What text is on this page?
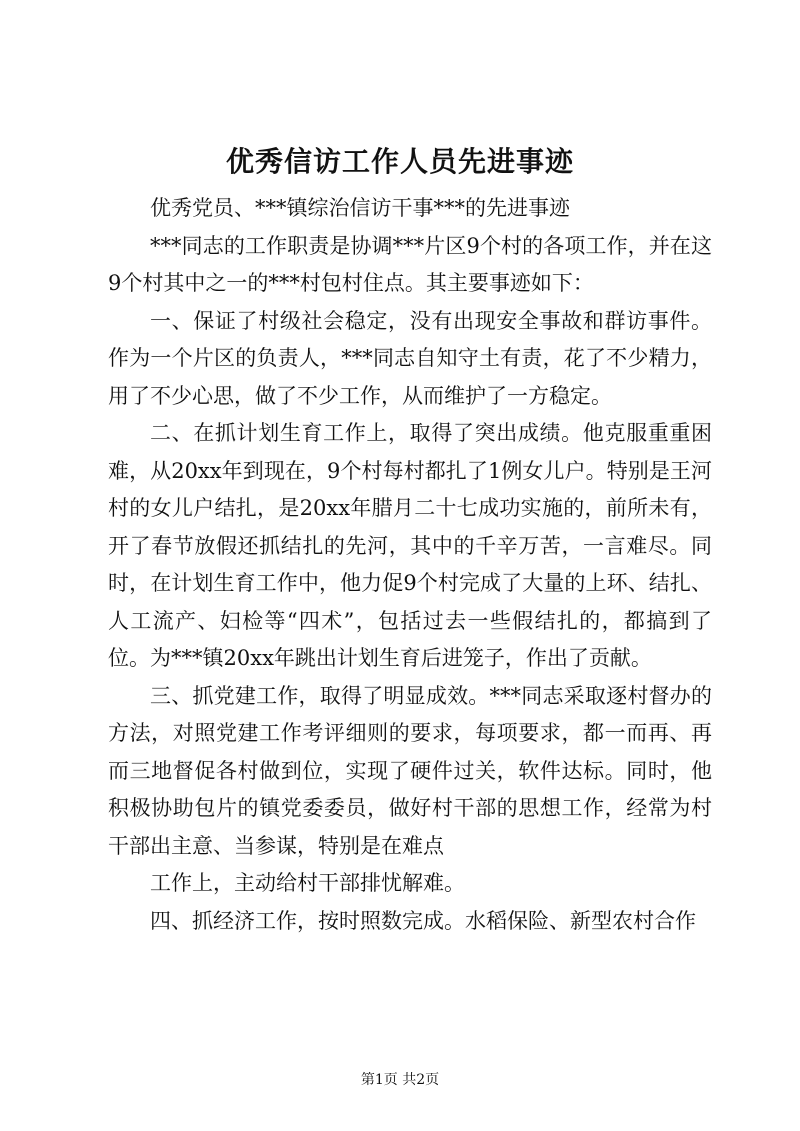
优秀信访工作人员先进事迹

优秀党员、***镇综治信访干事***的先进事迹

***同志的工作职责是协调***片区9个村的各项工作，并在这9个村其中之一的***村包村住点。其主要事迹如下：

一、保证了村级社会稳定，没有出现安全事故和群访事件。作为一个片区的负责人，***同志自知守土有责，花了不少精力，用了不少心思，做了不少工作，从而维护了一方稳定。

二、在抓计划生育工作上，取得了突出成绩。他克服重重困难，从20xx年到现在，9个村每村都扎了1例女儿户。特别是王河村的女儿户结扎，是20xx年腊月二十七成功实施的，前所未有，开了春节放假还抓结扎的先河，其中的千辛万苦，一言难尽。同时，在计划生育工作中，他力促9个村完成了大量的上环、结扎、人工流产、妇检等“四术”，包括过去一些假结扎的，都搞到了位。为***镇20xx年跳出计划生育后进笼子，作出了贡献。

三、抓党建工作，取得了明显成效。***同志采取逐村督办的方法，对照党建工作考评细则的要求，每项要求，都一而再、再而三地督促各村做到位，实现了硬件过关，软件达标。同时，他积极协助包片的镇党委委员，做好村干部的思想工作，经常为村干部出主意、当参谋，特别是在难点

工作上，主动给村干部排忧解难。

四、抓经济工作，按时照数完成。水稻保险、新型农村合作

第1页 共2页
